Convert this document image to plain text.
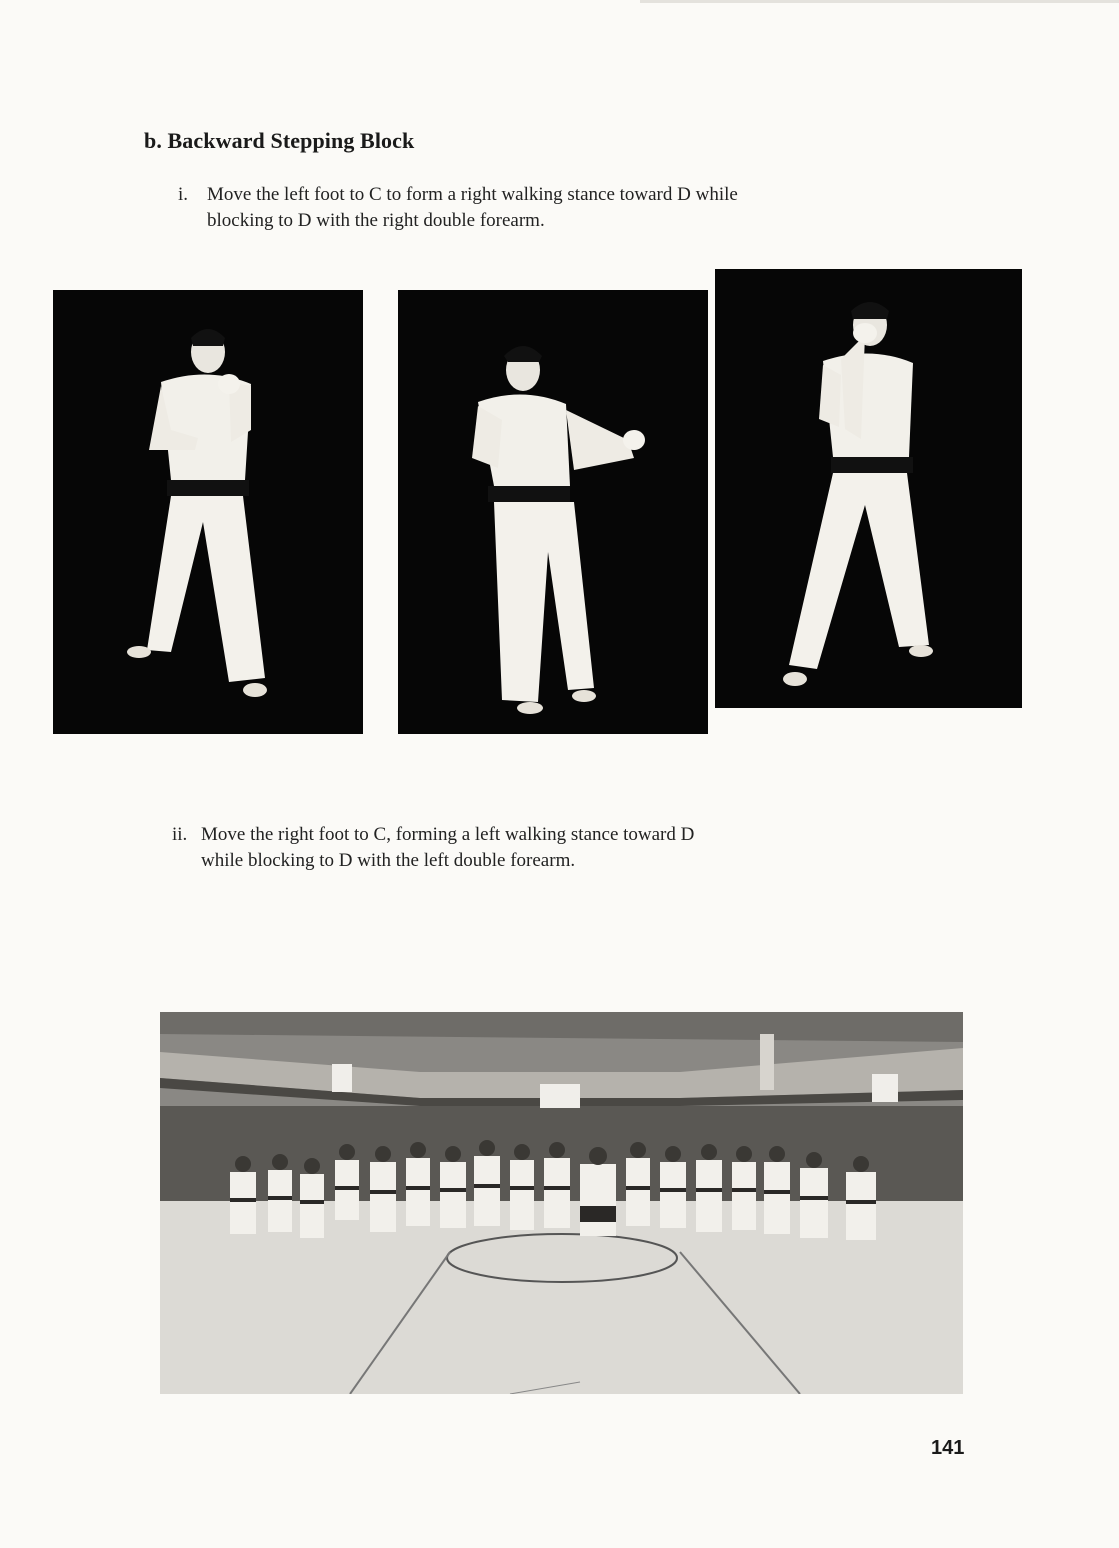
b. Backward Stepping Block
i. Move the left foot to C to form a right walking stance toward D while
blocking to D with the right double forearm.
ii. Move the right foot to C, forming a left walking stance toward D
while blocking to D with the left double forearm.
141
